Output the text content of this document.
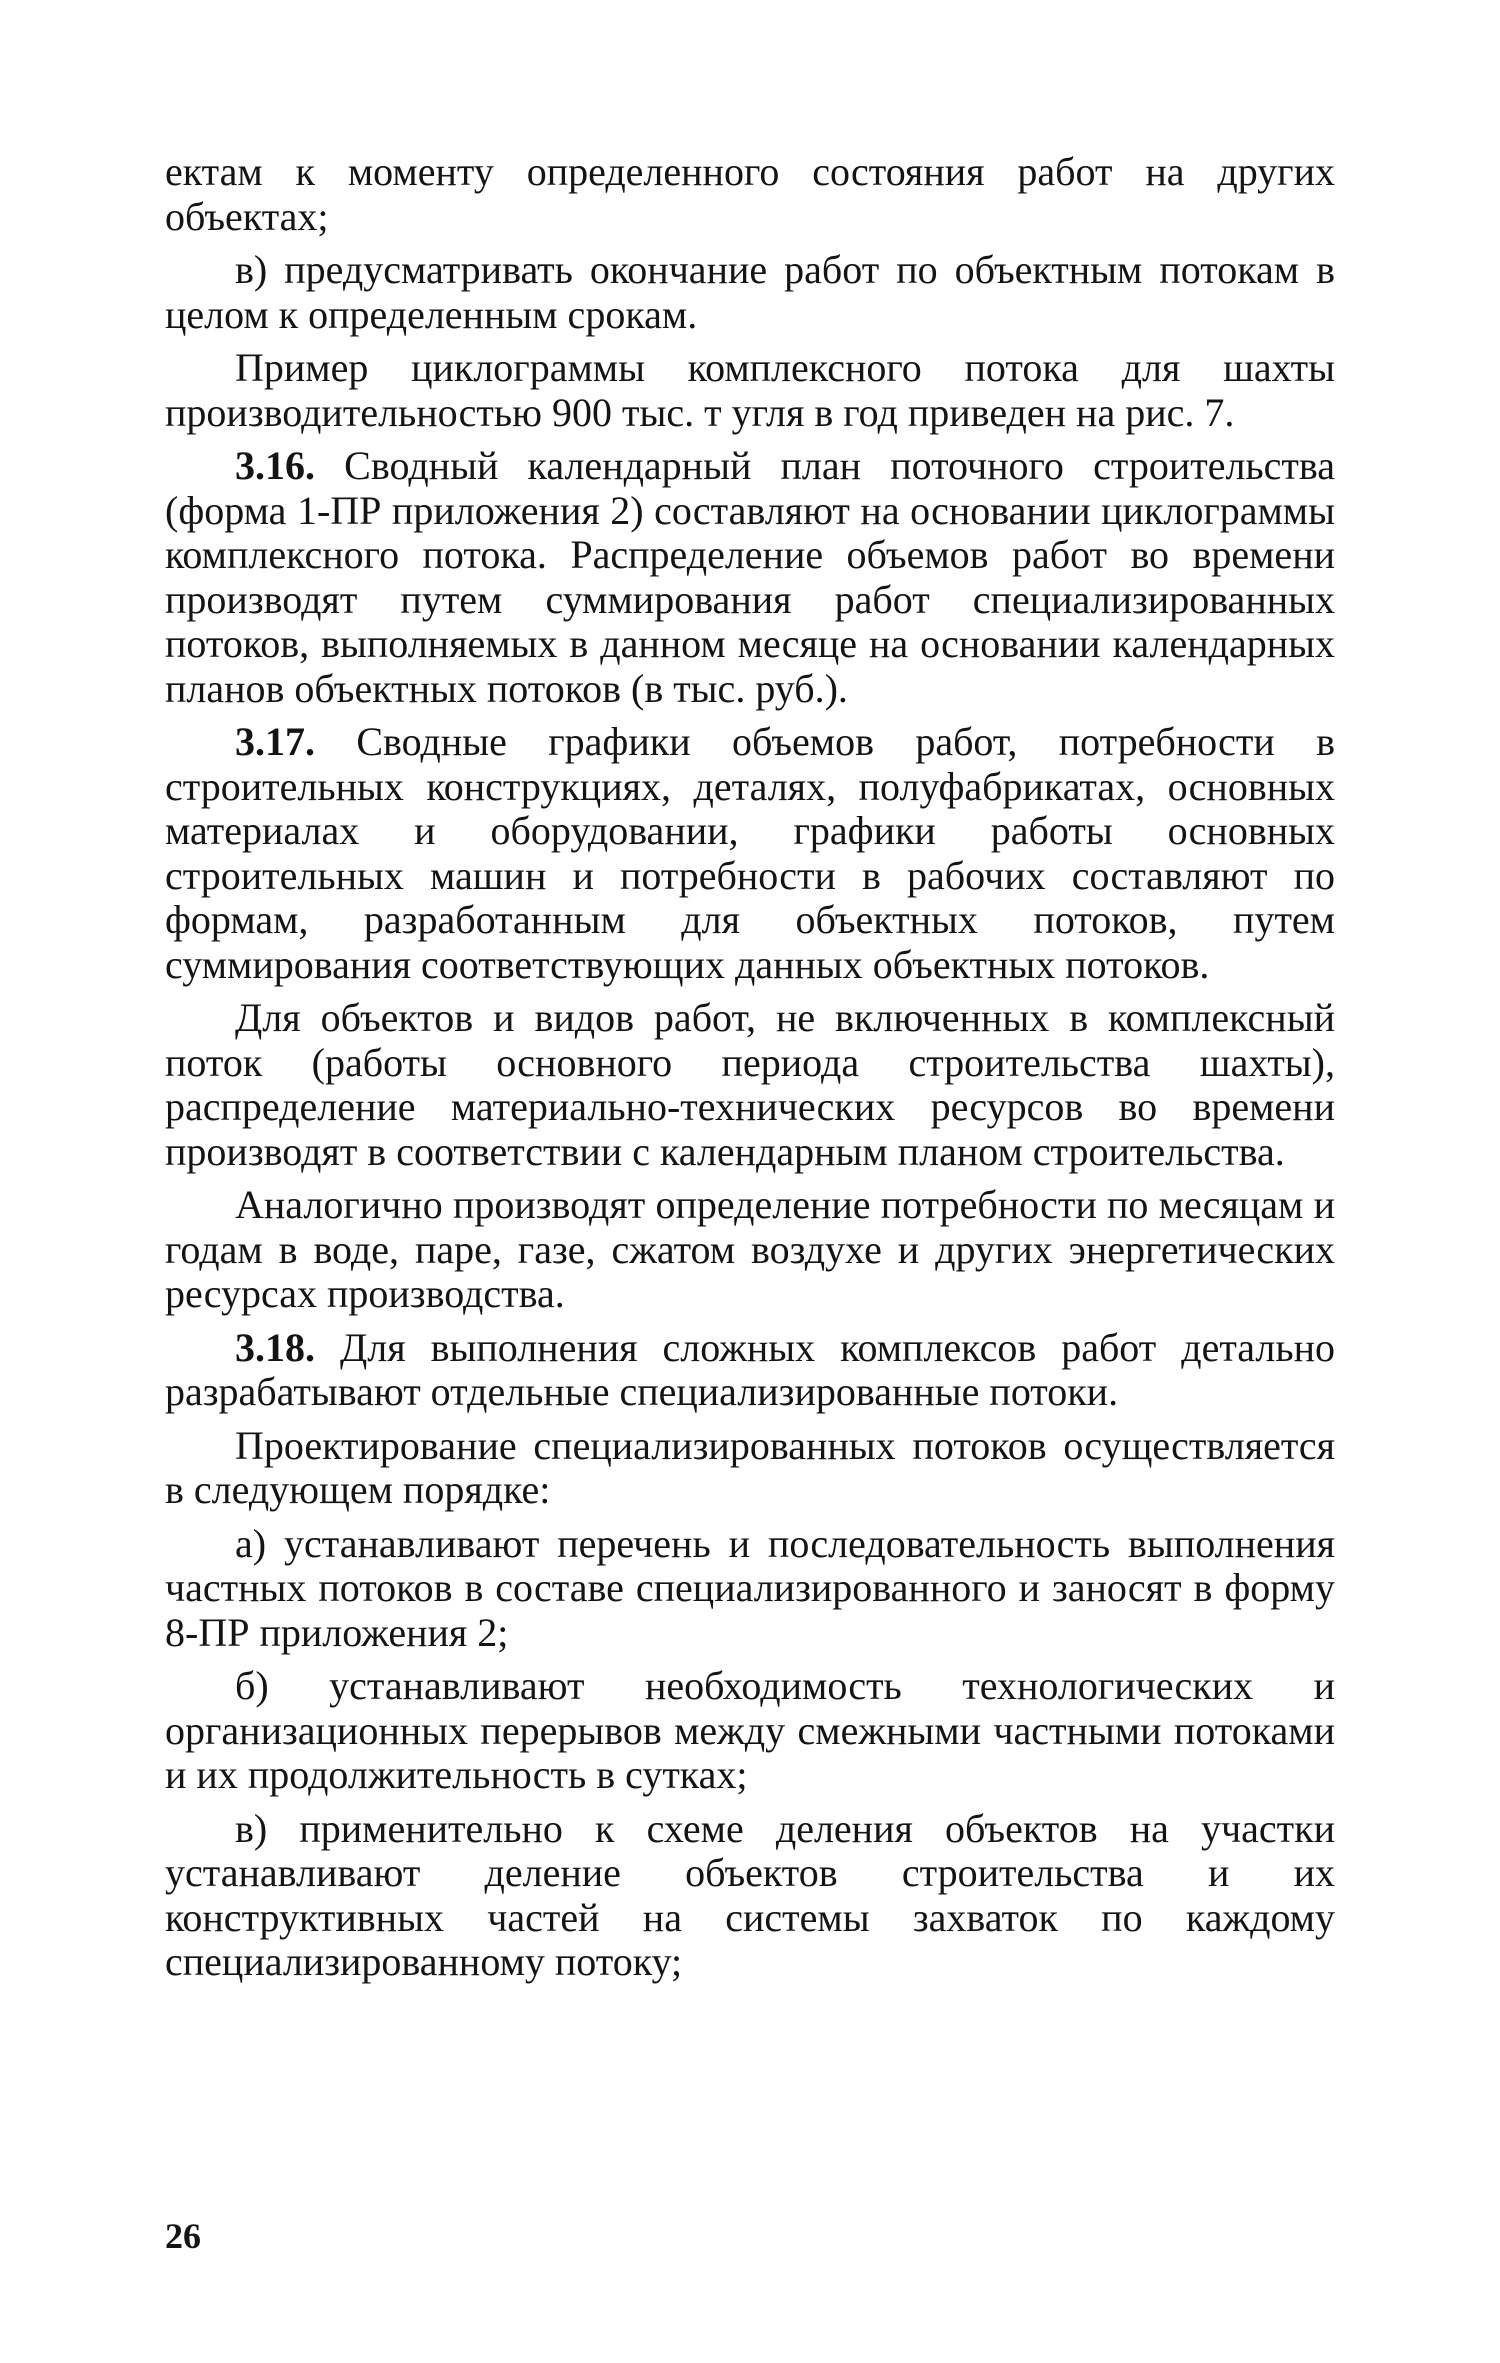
ектам к моменту определенного состояния работ на других объектах;

в) предусматривать окончание работ по объектным потокам в целом к определенным срокам.

Пример циклограммы комплексного потока для шахты производительностью 900 тыс. т угля в год приведен на рис. 7.

3.16. Сводный календарный план поточного строительства (форма 1-ПР приложения 2) составляют на основании циклограммы комплексного потока. Распределение объемов работ во времени производят путем суммирования работ специализированных потоков, выполняемых в данном месяце на основании календарных планов объектных потоков (в тыс. руб.).

3.17. Сводные графики объемов работ, потребности в строительных конструкциях, деталях, полуфабрикатах, основных материалах и оборудовании, графики работы основных строительных машин и потребности в рабочих составляют по формам, разработанным для объектных потоков, путем суммирования соответствующих данных объектных потоков.

Для объектов и видов работ, не включенных в комплексный поток (работы основного периода строительства шахты), распределение материально-технических ресурсов во времени производят в соответствии с календарным планом строительства.

Аналогично производят определение потребности по месяцам и годам в воде, паре, газе, сжатом воздухе и других энергетических ресурсах производства.

3.18. Для выполнения сложных комплексов работ детально разрабатывают отдельные специализированные потоки.

Проектирование специализированных потоков осуществляется в следующем порядке:

а) устанавливают перечень и последовательность выполнения частных потоков в составе специализированного и заносят в форму 8-ПР приложения 2;

б) устанавливают необходимость технологических и организационных перерывов между смежными частными потоками и их продолжительность в сутках;

в) применительно к схеме деления объектов на участки устанавливают деление объектов строительства и их конструктивных частей на системы захваток по каждому специализированному потоку;

26
